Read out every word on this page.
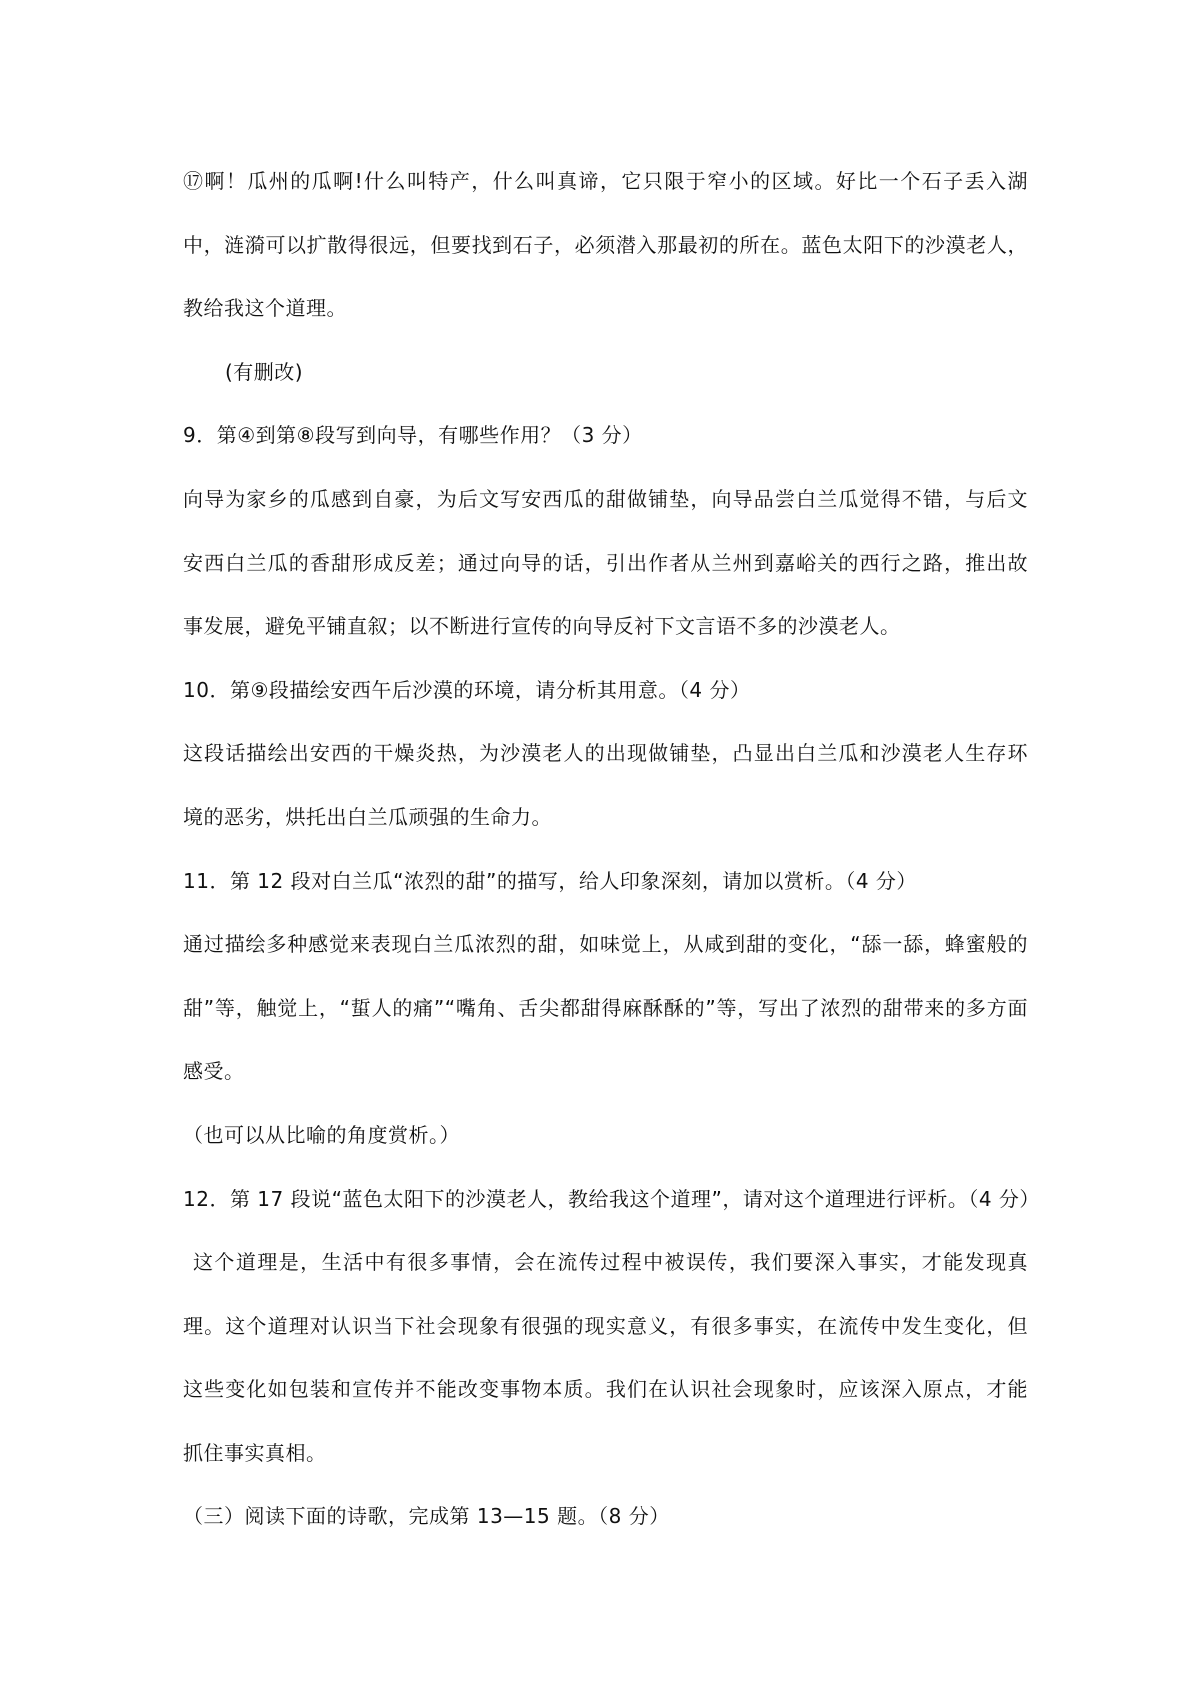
⑰啊！瓜州的瓜啊!什么叫特产，什么叫真谛，它只限于窄小的区域。好比一个石子丢入湖
中，涟漪可以扩散得很远，但要找到石子，必须潜入那最初的所在。蓝色太阳下的沙漠老人，
教给我这个道理。
(有删改)
9．第④到第⑧段写到向导，有哪些作用？（3 分）
向导为家乡的瓜感到自豪，为后文写安西瓜的甜做铺垫，向导品尝白兰瓜觉得不错，与后文
安西白兰瓜的香甜形成反差；通过向导的话，引出作者从兰州到嘉峪关的西行之路，推出故
事发展，避免平铺直叙；以不断进行宣传的向导反衬下文言语不多的沙漠老人。
10．第⑨段描绘安西午后沙漠的环境，请分析其用意。（4 分）
这段话描绘出安西的干燥炎热，为沙漠老人的出现做铺垫，凸显出白兰瓜和沙漠老人生存环
境的恶劣，烘托出白兰瓜顽强的生命力。
11．第 12 段对白兰瓜“浓烈的甜”的描写，给人印象深刻，请加以赏析。（4 分）
通过描绘多种感觉来表现白兰瓜浓烈的甜，如味觉上，从咸到甜的变化，“舔一舔，蜂蜜般的
甜”等，触觉上，“蜇人的痛”“嘴角、舌尖都甜得麻酥酥的”等，写出了浓烈的甜带来的多方面
感受。
（也可以从比喻的角度赏析。）
12．第 17 段说“蓝色太阳下的沙漠老人，教给我这个道理”，请对这个道理进行评析。（4 分）
这个道理是，生活中有很多事情，会在流传过程中被误传，我们要深入事实，才能发现真
理。这个道理对认识当下社会现象有很强的现实意义，有很多事实，在流传中发生变化，但
这些变化如包装和宣传并不能改变事物本质。我们在认识社会现象时，应该深入原点，才能
抓住事实真相。
（三）阅读下面的诗歌，完成第 13—15 题。（8 分）
